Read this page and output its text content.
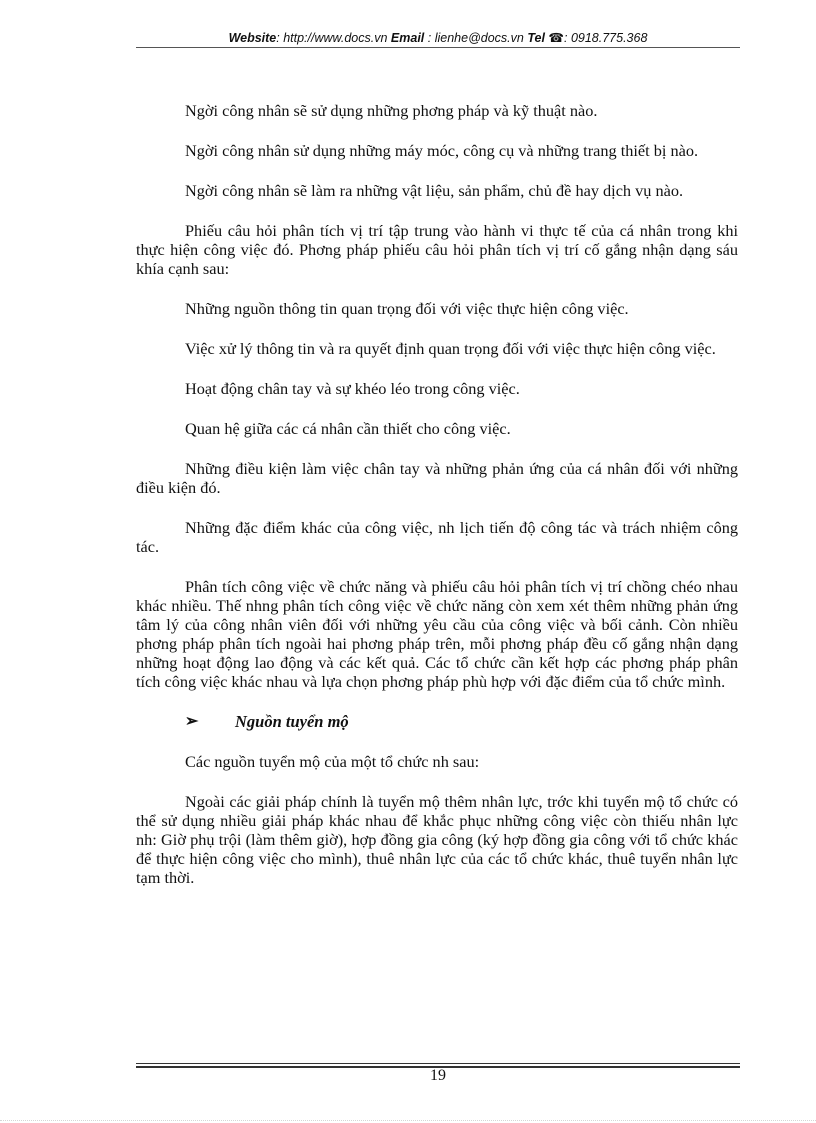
Website: http://www.docs.vn Email : lienhe@docs.vn Tel ☎: 0918.775.368

Ngời công nhân sẽ sử dụng những phơng pháp và kỹ thuật nào.

Ngời công nhân sử dụng những máy móc, công cụ và những trang thiết bị nào.

Ngời công nhân sẽ làm ra những vật liệu, sản phẩm, chủ đề hay dịch vụ nào.

Phiếu câu hỏi phân tích vị trí tập trung vào hành vi thực tế của cá nhân trong khi thực hiện công việc đó. Phơng pháp phiếu câu hỏi phân tích vị trí cố gắng nhận dạng sáu khía cạnh sau:

Những nguồn thông tin quan trọng đối với việc thực hiện công việc.

Việc xử lý thông tin và ra quyết định quan trọng đối với việc thực hiện công việc.

Hoạt động chân tay và sự khéo léo trong công việc.

Quan hệ giữa các cá nhân cần thiết cho công việc.

Những điều kiện làm việc chân tay và những phản ứng của cá nhân đối với những điều kiện đó.

Những đặc điểm khác của công việc, nh lịch tiến độ công tác và trách nhiệm công tác.

Phân tích công việc về chức năng và phiếu câu hỏi phân tích vị trí chồng chéo nhau khác nhiều. Thế nhng phân tích công việc về chức năng còn xem xét thêm những phản ứng tâm lý của công nhân viên đối với những yêu cầu của công việc và bối cảnh. Còn nhiều phơng pháp phân tích ngoài hai phơng pháp trên, mỗi phơng pháp đều cố gắng nhận dạng những hoạt động lao động và các kết quả. Các tổ chức cần kết hợp các phơng pháp phân tích công việc khác nhau và lựa chọn phơng pháp phù hợp với đặc điểm của tổ chức mình.

➢	Nguồn tuyển mộ

Các nguồn tuyển mộ của một tổ chức nh sau:

Ngoài các giải pháp chính là tuyển mộ thêm nhân lực, trớc khi tuyển mộ tổ chức có thể sử dụng nhiều giải pháp khác nhau để khắc phục những công việc còn thiếu nhân lực nh: Giờ phụ trội (làm thêm giờ), hợp đồng gia công (ký hợp đồng gia công với tổ chức khác để thực hiện công việc cho mình), thuê nhân lực của các tổ chức khác, thuê tuyển nhân lực tạm thời.

19
